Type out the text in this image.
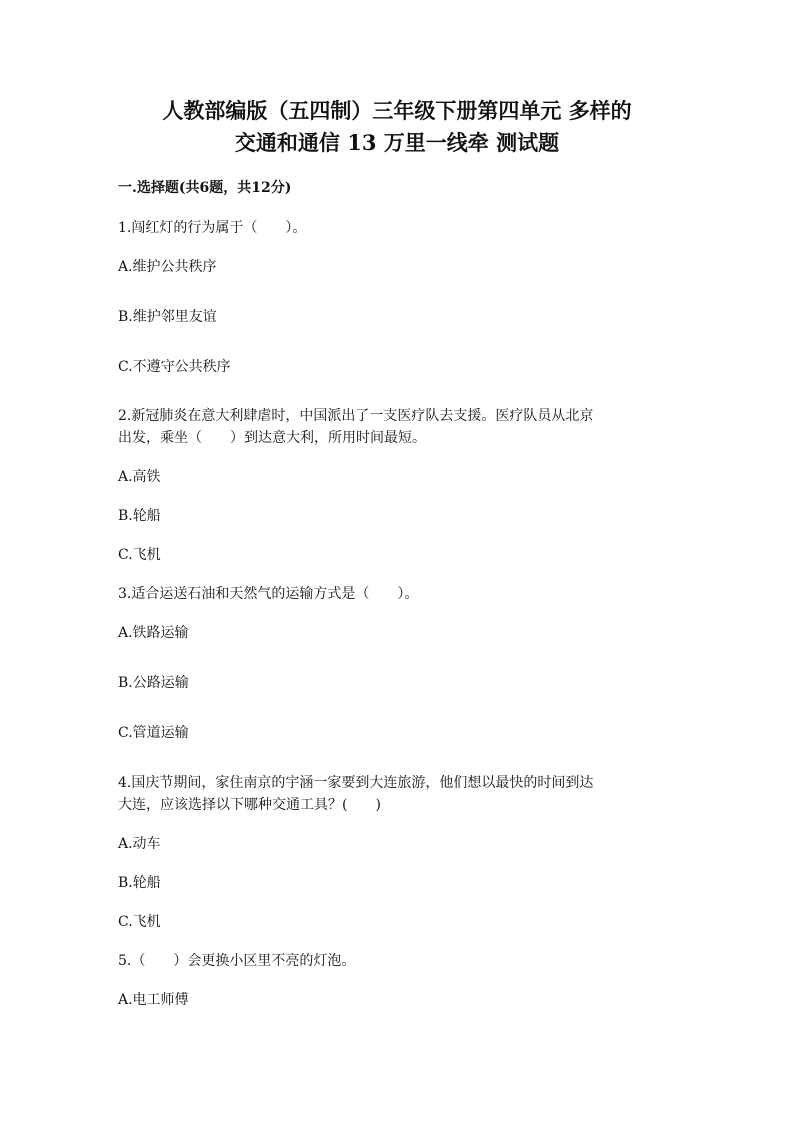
人教部编版（五四制）三年级下册第四单元 多样的
交通和通信 13 万里一线牵 测试题
一.选择题(共6题，共12分)
1.闯红灯的行为属于（　　）。
A.维护公共秩序
B.维护邻里友谊
C.不遵守公共秩序
2.新冠肺炎在意大利肆虐时，中国派出了一支医疗队去支援。医疗队员从北京
出发，乘坐（　　）到达意大利，所用时间最短。
A.高铁
B.轮船
C.飞机
3.适合运送石油和天然气的运输方式是（　　）。
A.铁路运输
B.公路运输
C.管道运输
4.国庆节期间，家住南京的宇涵一家要到大连旅游，他们想以最快的时间到达
大连，应该选择以下哪种交通工具？(　　)
A.动车
B.轮船
C.飞机
5.（　　）会更换小区里不亮的灯泡。
A.电工师傅
